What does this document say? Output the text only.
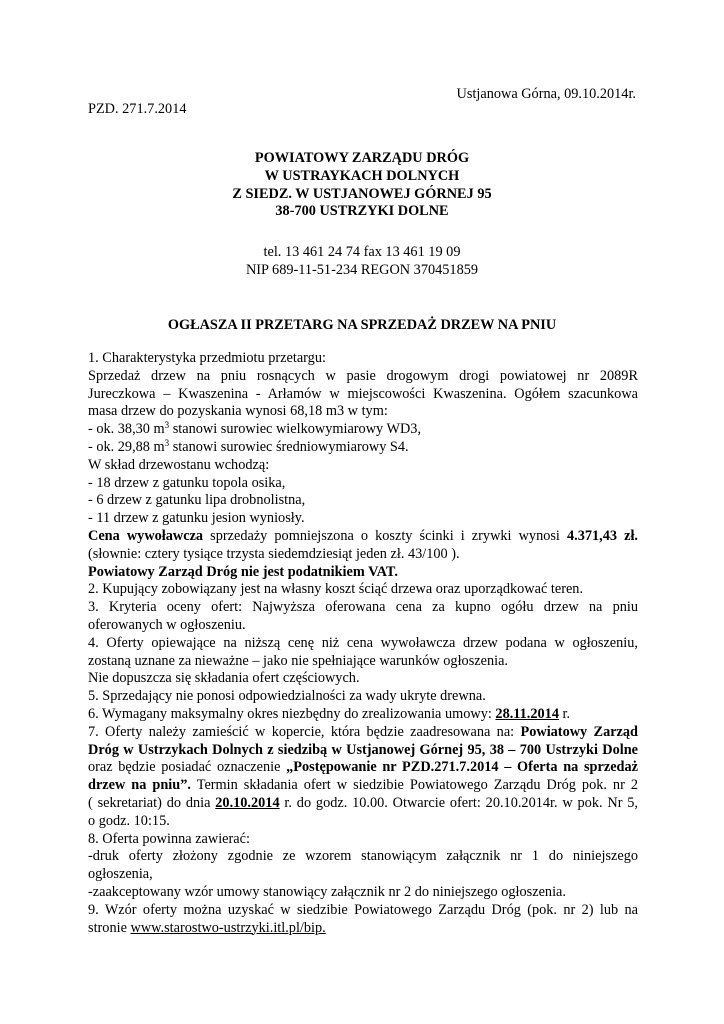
Ustjanowa Górna, 09.10.2014r.
PZD. 271.7.2014
POWIATOWY ZARZĄDU DRÓG
W USTRAYKACH DOLNYCH
Z SIEDZ. W USTJANOWEJ GÓRNEJ 95
38-700 USTRZYKI DOLNE
tel. 13 461 24 74 fax 13 461 19 09
NIP 689-11-51-234 REGON 370451859
OGŁASZA II PRZETARG NA SPRZEDAŻ DRZEW NA PNIU

1. Charakterystyka przedmiotu przetargu:

Sprzedaż drzew na pniu rosnących w pasie drogowym drogi powiatowej nr 2089R

Jureczkowa – Kwaszenina - Arłamów w miejscowości Kwaszenina. Ogółem szacunkowa

masa drzew do pozyskania wynosi 68,18 m3 w tym:

- ok. 38,30 $m^3$ stanowi surowiec wielkowymiarowy WD3,

- ok. 29,88 $m^3$ stanowi surowiec średniowymiarowy S4.

W skład drzewostanu wchodzą:

- 18 drzew z gatunku topola osika,

- 6 drzew z gatunku lipa drobnolistna,

- 11 drzew z gatunku jesion wyniosły.

Cena wywoławcza sprzedaży pomniejszona o koszty ścinki i zrywki wynosi 4.371,43 zł.

(słownie: cztery tysiące trzysta siedemdziesiąt jeden zł. 43/100 ).

Powiatowy Zarząd Dróg nie jest podatnikiem VAT.

2. Kupujący zobowiązany jest na własny koszt ściąć drzewa oraz uporządkować teren.

3. Kryteria oceny ofert: Najwyższa oferowana cena za kupno ogółu drzew na pniu

oferowanych w ogłoszeniu.

4. Oferty opiewające na niższą cenę niż cena wywoławcza drzew podana w ogłoszeniu,

zostaną uznane za nieważne – jako nie spełniające warunków ogłoszenia.

Nie dopuszcza się składania ofert częściowych.

5. Sprzedający nie ponosi odpowiedzialności za wady ukryte drewna.

6. Wymagany maksymalny okres niezbędny do zrealizowania umowy: 28.11.2014 r.

7. Oferty należy zamieścić w kopercie, która będzie zaadresowana na: Powiatowy Zarząd

Dróg w Ustrzykach Dolnych z siedzibą w Ustjanowej Górnej 95, 38 – 700 Ustrzyki Dolne

oraz będzie posiadać oznaczenie „Postępowanie nr PZD.271.7.2014 – Oferta na sprzedaż

drzew na pniu”. Termin składania ofert w siedzibie Powiatowego Zarządu Dróg pok. nr 2

( sekretariat) do dnia 20.10.2014 r. do godz. 10.00. Otwarcie ofert: 20.10.2014r. w pok. Nr 5,

o godz. 10:15.

8. Oferta powinna zawierać:

-druk oferty złożony zgodnie ze wzorem stanowiącym załącznik nr 1 do niniejszego

ogłoszenia,

-zaakceptowany wzór umowy stanowiący załącznik nr 2 do niniejszego ogłoszenia.

9. Wzór oferty można uzyskać w siedzibie Powiatowego Zarządu Dróg (pok. nr 2) lub na

stronie www.starostwo-ustrzyki.itl.pl/bip.
